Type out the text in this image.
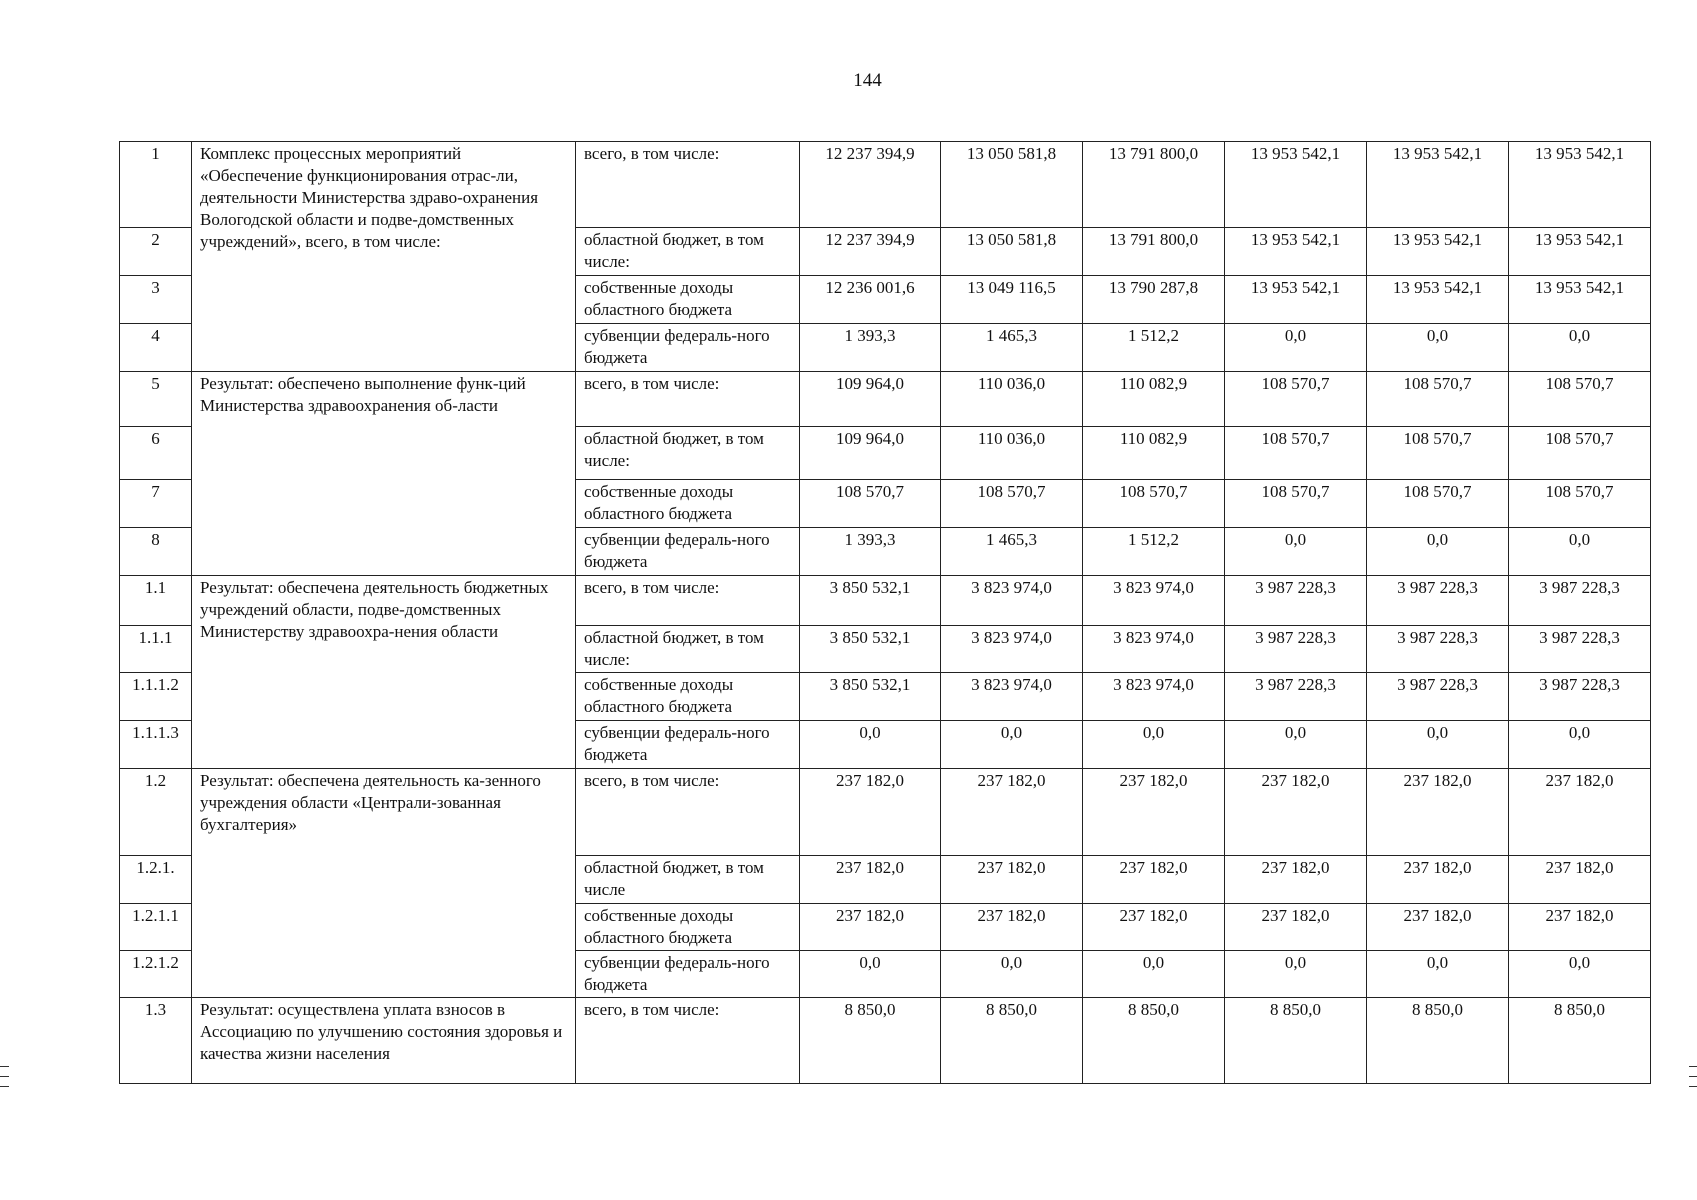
144
1	Комплекс процессных мероприятий «Обеспечение функционирования отрас-ли, деятельности Министерства здраво-охранения Вологодской области и подве-домственных учреждений», всего, в том числе:	всего, в том числе:	12 237 394,9	13 050 581,8	13 791 800,0	13 953 542,1	13 953 542,1	13 953 542,1
2		областной бюджет, в том числе:	12 237 394,9	13 050 581,8	13 791 800,0	13 953 542,1	13 953 542,1	13 953 542,1
3		собственные доходы областного бюджета	12 236 001,6	13 049 116,5	13 790 287,8	13 953 542,1	13 953 542,1	13 953 542,1
4		субвенции федераль-ного бюджета	1 393,3	1 465,3	1 512,2	0,0	0,0	0,0
5	Результат: обеспечено выполнение функ-ций Министерства здравоохранения об-ласти	всего, в том числе:	109 964,0	110 036,0	110 082,9	108 570,7	108 570,7	108 570,7
6		областной бюджет, в том числе:	109 964,0	110 036,0	110 082,9	108 570,7	108 570,7	108 570,7
7		собственные доходы областного бюджета	108 570,7	108 570,7	108 570,7	108 570,7	108 570,7	108 570,7
8		субвенции федераль-ного бюджета	1 393,3	1 465,3	1 512,2	0,0	0,0	0,0
1.1	Результат: обеспечена деятельность бюджетных учреждений области, подве-домственных Министерству здравоохра-нения области	всего, в том числе:	3 850 532,1	3 823 974,0	3 823 974,0	3 987 228,3	3 987 228,3	3 987 228,3
1.1.1		областной бюджет, в том числе:	3 850 532,1	3 823 974,0	3 823 974,0	3 987 228,3	3 987 228,3	3 987 228,3
1.1.1.2		собственные доходы областного бюджета	3 850 532,1	3 823 974,0	3 823 974,0	3 987 228,3	3 987 228,3	3 987 228,3
1.1.1.3		субвенции федераль-ного бюджета	0,0	0,0	0,0	0,0	0,0	0,0
1.2	Результат: обеспечена деятельность ка-зенного учреждения области «Централи-зованная бухгалтерия»	всего, в том числе:	237 182,0	237 182,0	237 182,0	237 182,0	237 182,0	237 182,0
1.2.1.		областной бюджет, в том числе	237 182,0	237 182,0	237 182,0	237 182,0	237 182,0	237 182,0
1.2.1.1		собственные доходы областного бюджета	237 182,0	237 182,0	237 182,0	237 182,0	237 182,0	237 182,0
1.2.1.2		субвенции федераль-ного бюджета	0,0	0,0	0,0	0,0	0,0	0,0
1.3	Результат: осуществлена уплата взносов в Ассоциацию по улучшению состояния здоровья и качества жизни населения	всего, в том числе:	8 850,0	8 850,0	8 850,0	8 850,0	8 850,0	8 850,0
